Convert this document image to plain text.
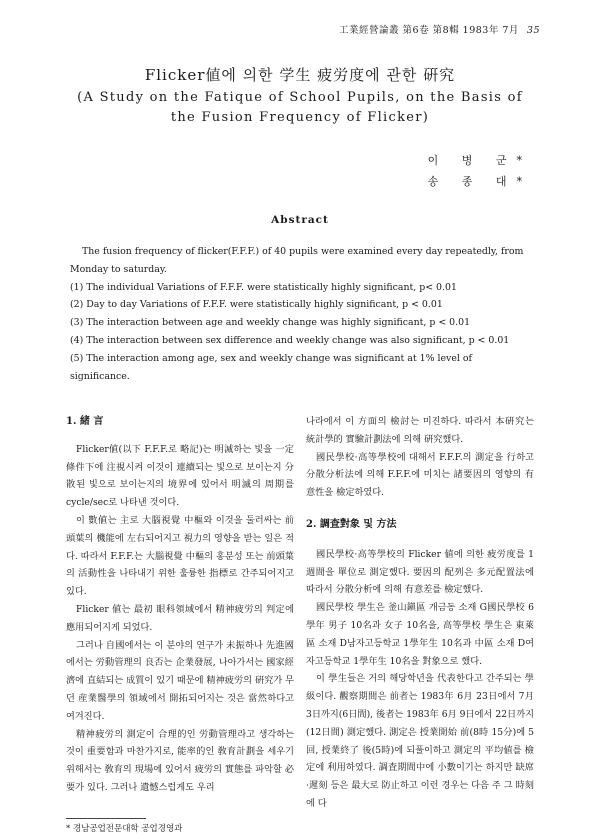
工業經營論叢 第6卷 第8輯 1983年 7月 35
Flicker値에 의한 学生 疲労度에 관한 硏究
(A Study on the Fatique of School Pupils, on the Basis of
the Fusion Frequency of Flicker)
이 병 군*
송 종 대*
Abstract

The fusion frequency of flicker(F.F.F.) of 40 pupils were examined every day repeatedly, from Monday to saturday.

(1) The individual Variations of F.F.F. were statistically highly significant, p< 0.01

(2) Day to day Variations of F.F.F. were statistically highly significant, p < 0.01

(3) The interaction between age and weekly change was highly significant, p < 0.01

(4) The interaction between sex difference and weekly change was also significant, p < 0.01

(5) The interaction among age, sex and weekly change was significant at 1% level of significance.

1. 緒 言

Flicker値(以下 F.F.F.로 略記)는 明滅하는 빛을 一定條件下에 注視시켜 이것이 連續되는 빛으로 보이는지 分散된 빛으로 보이는지의 境界에 있어서 明滅의 周期를 cycle/sec로 나타낸 것이다.

이 數値는 主로 大腦視覺 中樞와 이것을 둘러싸는 前頭葉의 機能에 左右되어지고 視力의 영향을 받는 일은 적다. 따라서 F.F.F.는 大腦視覺 中樞의 홍분성 또는 前頭葉의 活動性을 나타내기 위한 훌륭한 指標로 간주되어지고 있다.

Flicker 値는 最初 眼科領域에서 精神疲労의 判定에 應用되어지게 되었다.

그러나 自國에서는 이 분야의 연구가 未振하나 先進國에서는 労動管理의 良否는 企業發展, 나아가서는 國家經濟에 直結되는 成質이 있기 때문에 精神疲労의 硏究가 무던 産業醫學의 領域에서 開拓되어지는 것은 當然하다고 여겨진다.

精神疲労의 測定이 合理的인 労動管理라고 생각하는 것이 重要함과 마찬가지로, 能率的인 敎育計劃을 세우기 위해서는 敎育의 現場에 있어서 疲労의 實態를 파악할 必要가 있다. 그러나 遺憾스럽게도 우리

나라에서 이 方面의 檢討는 미진하다. 따라서 本硏究는 統計學的 實驗計劃法에 의해 硏究했다.

國民學校·高等學校에 대해서 F.F.F.의 測定을 行하고 分散分析法에 의해 F.F.F.에 미치는 諸要因의 영향의 有意性을 檢定하였다.

2. 調査對象 및 方法

國民學校·高等學校의 Flicker 値에 의한 疲労度를 1週間을 單位로 測定했다. 要因의 配列은 多元配置法에 따라서 分散分析에 의해 有意差를 檢定했다.

國民學校 學生은 釜山鎭區 개금동 소재 G國民學校 6學年 男子 10名과 女子 10名을, 高等學校 學生은 東萊區 소재 D남자고등학교 1學年生 10名과 中區 소재 D여자고등학교 1學年生 10名을 對象으로 했다.

이 學生들은 거의 해당학년을 代表한다고 간주되는 學級이다. 觀察期間은 前者는 1983年 6月 23日에서 7月 3日까지(6日間), 後者는 1983年 6月 9日에서 22日까지(12日間) 測定했다. 測定은 授業開始 前(8時 15分)에 5回, 授業終了 後(5時)에 되풀이하고 測定의 平均値를 檢定에 利用하였다. 調査期間中에 小數이기는 하지만 缺席·遲刻 등은 最大로 防止하고 이런 경우는 다음 주 그 時刻에 다

* 경남공업전문대학 공업경영과
